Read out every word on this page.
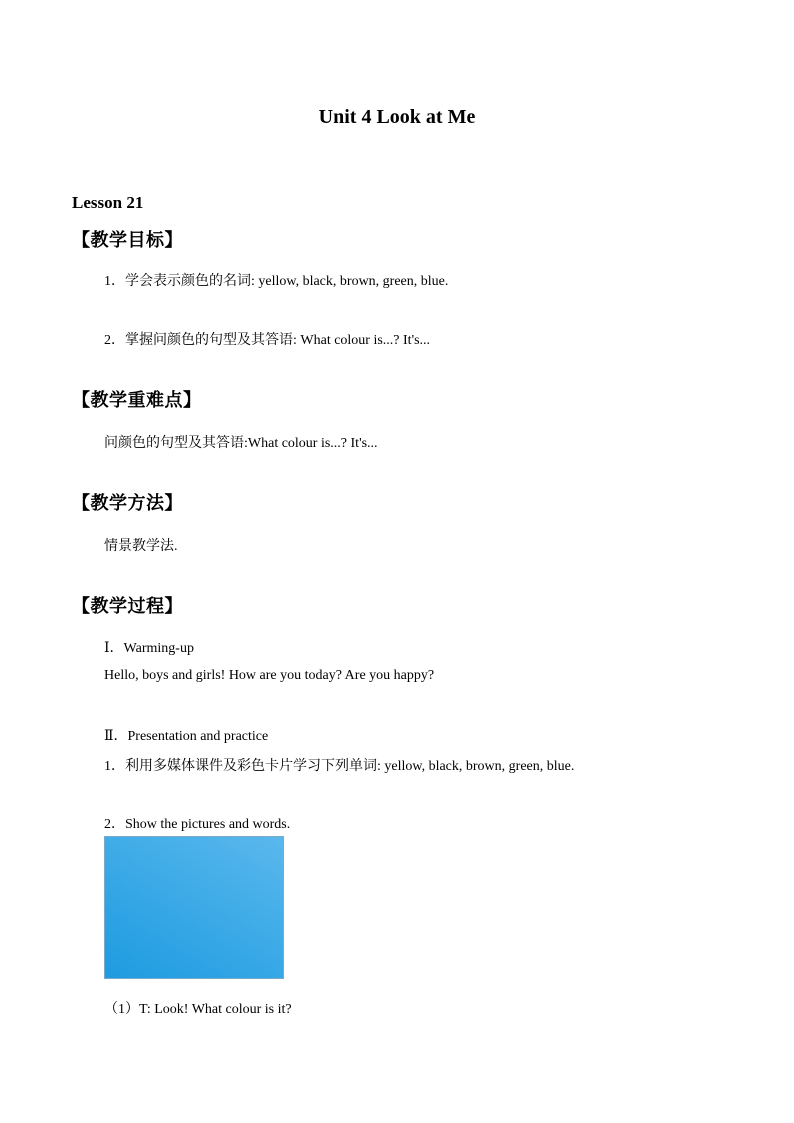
Unit 4 Look at Me
Lesson 21
【教学目标】
1．学会表示颜色的名词: yellow, black, brown, green, blue.
2．掌握问颜色的句型及其答语: What colour is...? It's...
【教学重难点】
问颜色的句型及其答语:What colour is...? It's...
【教学方法】
情景教学法.
【教学过程】
Ⅰ．Warming-up
Hello, boys and girls! How are you today? Are you happy?
Ⅱ．Presentation and practice
1．利用多媒体课件及彩色卡片学习下列单词: yellow, black, brown, green, blue.
2．Show the pictures and words.
（1）T: Look! What colour is it?
